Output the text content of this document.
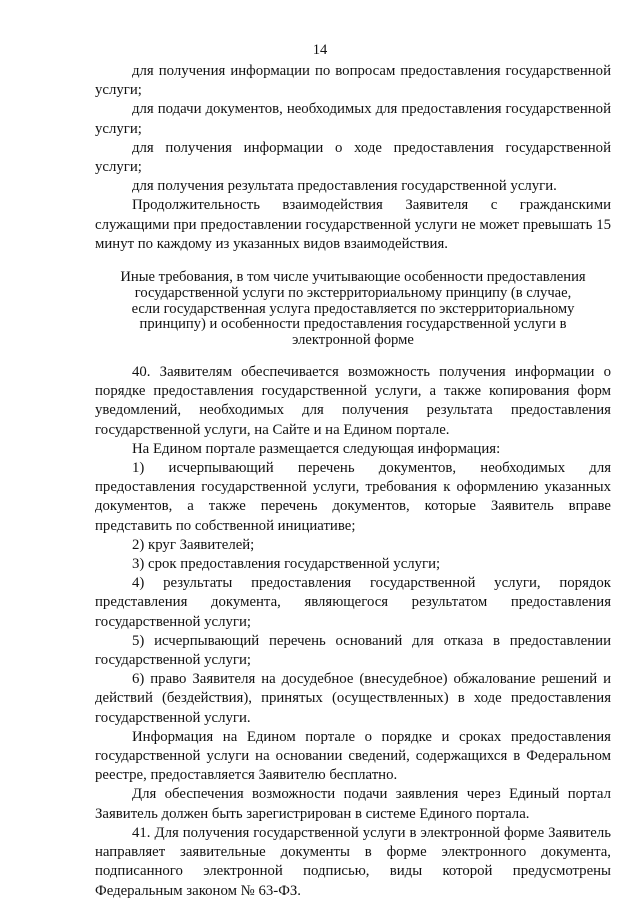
14

для получения информации по вопросам предоставления государственной услуги;

для подачи документов, необходимых для предоставления государственной услуги;

для получения информации о ходе предоставления государственной услуги;

для получения результата предоставления государственной услуги.

Продолжительность взаимодействия Заявителя с гражданскими служащими при предоставлении государственной услуги не может превышать 15 минут по каждому из указанных видов взаимодействия.

Иные требования, в том числе учитывающие особенности предоставления государственной услуги по экстерриториальному принципу (в случае, если государственная услуга предоставляется по экстерриториальному принципу) и особенности предоставления государственной услуги в электронной форме

40. Заявителям обеспечивается возможность получения информации о порядке предоставления государственной услуги, а также копирования форм уведомлений, необходимых для получения результата предоставления государственной услуги, на Сайте и на Едином портале.

На Едином портале размещается следующая информация:

1) исчерпывающий перечень документов, необходимых для предоставления государственной услуги, требования к оформлению указанных документов, а также перечень документов, которые Заявитель вправе представить по собственной инициативе;

2) круг Заявителей;

3) срок предоставления государственной услуги;

4) результаты предоставления государственной услуги, порядок представления документа, являющегося результатом предоставления государственной услуги;

5) исчерпывающий перечень оснований для отказа в предоставлении государственной услуги;

6) право Заявителя на досудебное (внесудебное) обжалование решений и действий (бездействия), принятых (осуществленных) в ходе предоставления государственной услуги.

Информация на Едином портале о порядке и сроках предоставления государственной услуги на основании сведений, содержащихся в Федеральном реестре, предоставляется Заявителю бесплатно.

Для обеспечения возможности подачи заявления через Единый портал Заявитель должен быть зарегистрирован в системе Единого портала.

41. Для получения государственной услуги в электронной форме Заявитель направляет заявительные документы в форме электронного документа, подписанного электронной подписью, виды которой предусмотрены Федеральным законом № 63-ФЗ.
